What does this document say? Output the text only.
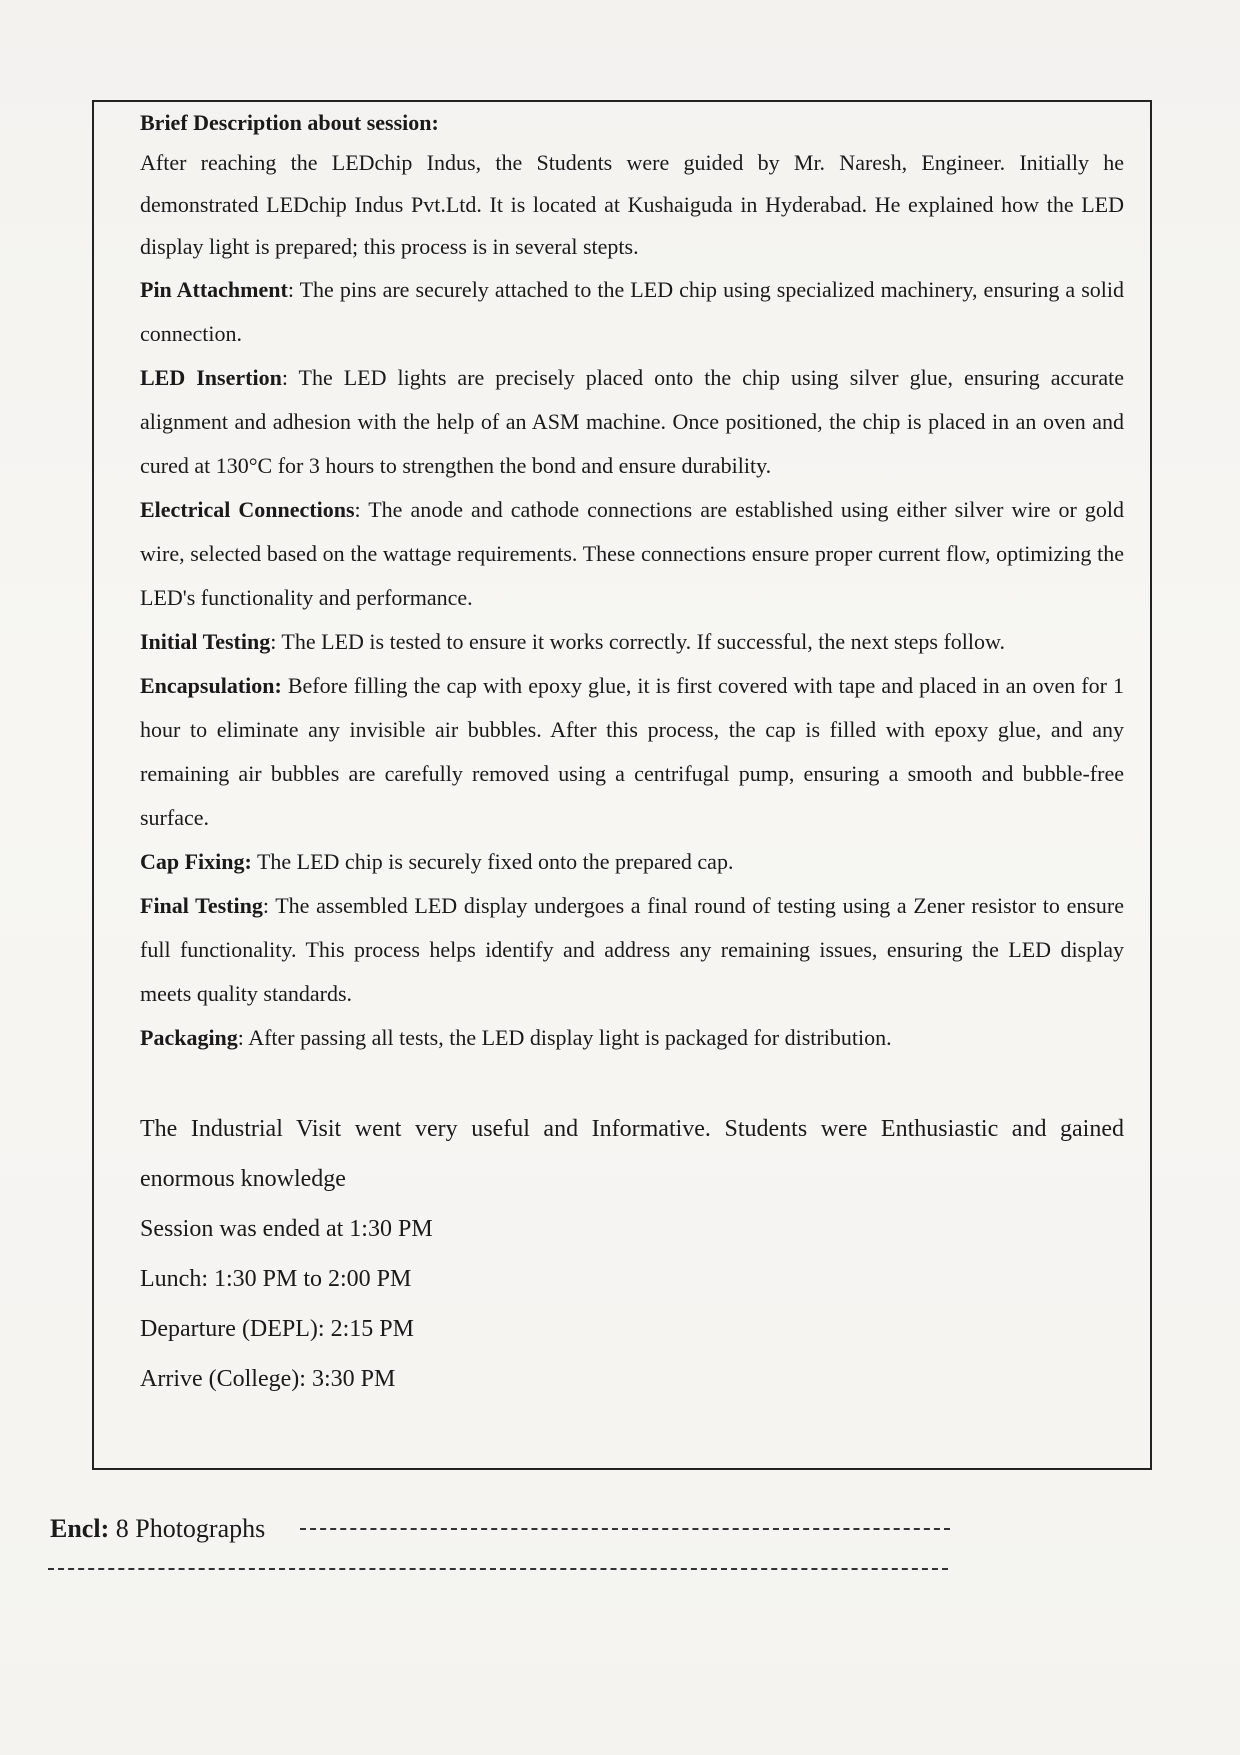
Brief Description about session:

After reaching the LEDchip Indus, the Students were guided by Mr. Naresh, Engineer. Initially he demonstrated LEDchip Indus Pvt.Ltd. It is located at Kushaiguda in Hyderabad. He explained how the LED display light is prepared; this process is in several stepts.

Pin Attachment: The pins are securely attached to the LED chip using specialized machinery, ensuring a solid connection.

LED Insertion: The LED lights are precisely placed onto the chip using silver glue, ensuring accurate alignment and adhesion with the help of an ASM machine. Once positioned, the chip is placed in an oven and cured at 130°C for 3 hours to strengthen the bond and ensure durability.

Electrical Connections: The anode and cathode connections are established using either silver wire or gold wire, selected based on the wattage requirements. These connections ensure proper current flow, optimizing the LED's functionality and performance.

Initial Testing: The LED is tested to ensure it works correctly. If successful, the next steps follow.

Encapsulation: Before filling the cap with epoxy glue, it is first covered with tape and placed in an oven for 1 hour to eliminate any invisible air bubbles. After this process, the cap is filled with epoxy glue, and any remaining air bubbles are carefully removed using a centrifugal pump, ensuring a smooth and bubble-free surface.

Cap Fixing: The LED chip is securely fixed onto the prepared cap.

Final Testing: The assembled LED display undergoes a final round of testing using a Zener resistor to ensure full functionality. This process helps identify and address any remaining issues, ensuring the LED display meets quality standards.

Packaging: After passing all tests, the LED display light is packaged for distribution.

The Industrial Visit went very useful and Informative. Students were Enthusiastic and gained enormous knowledge

Session was ended at 1:30 PM

Lunch: 1:30 PM to 2:00 PM

Departure (DEPL): 2:15 PM

Arrive (College): 3:30 PM

Encl: 8 Photographs
